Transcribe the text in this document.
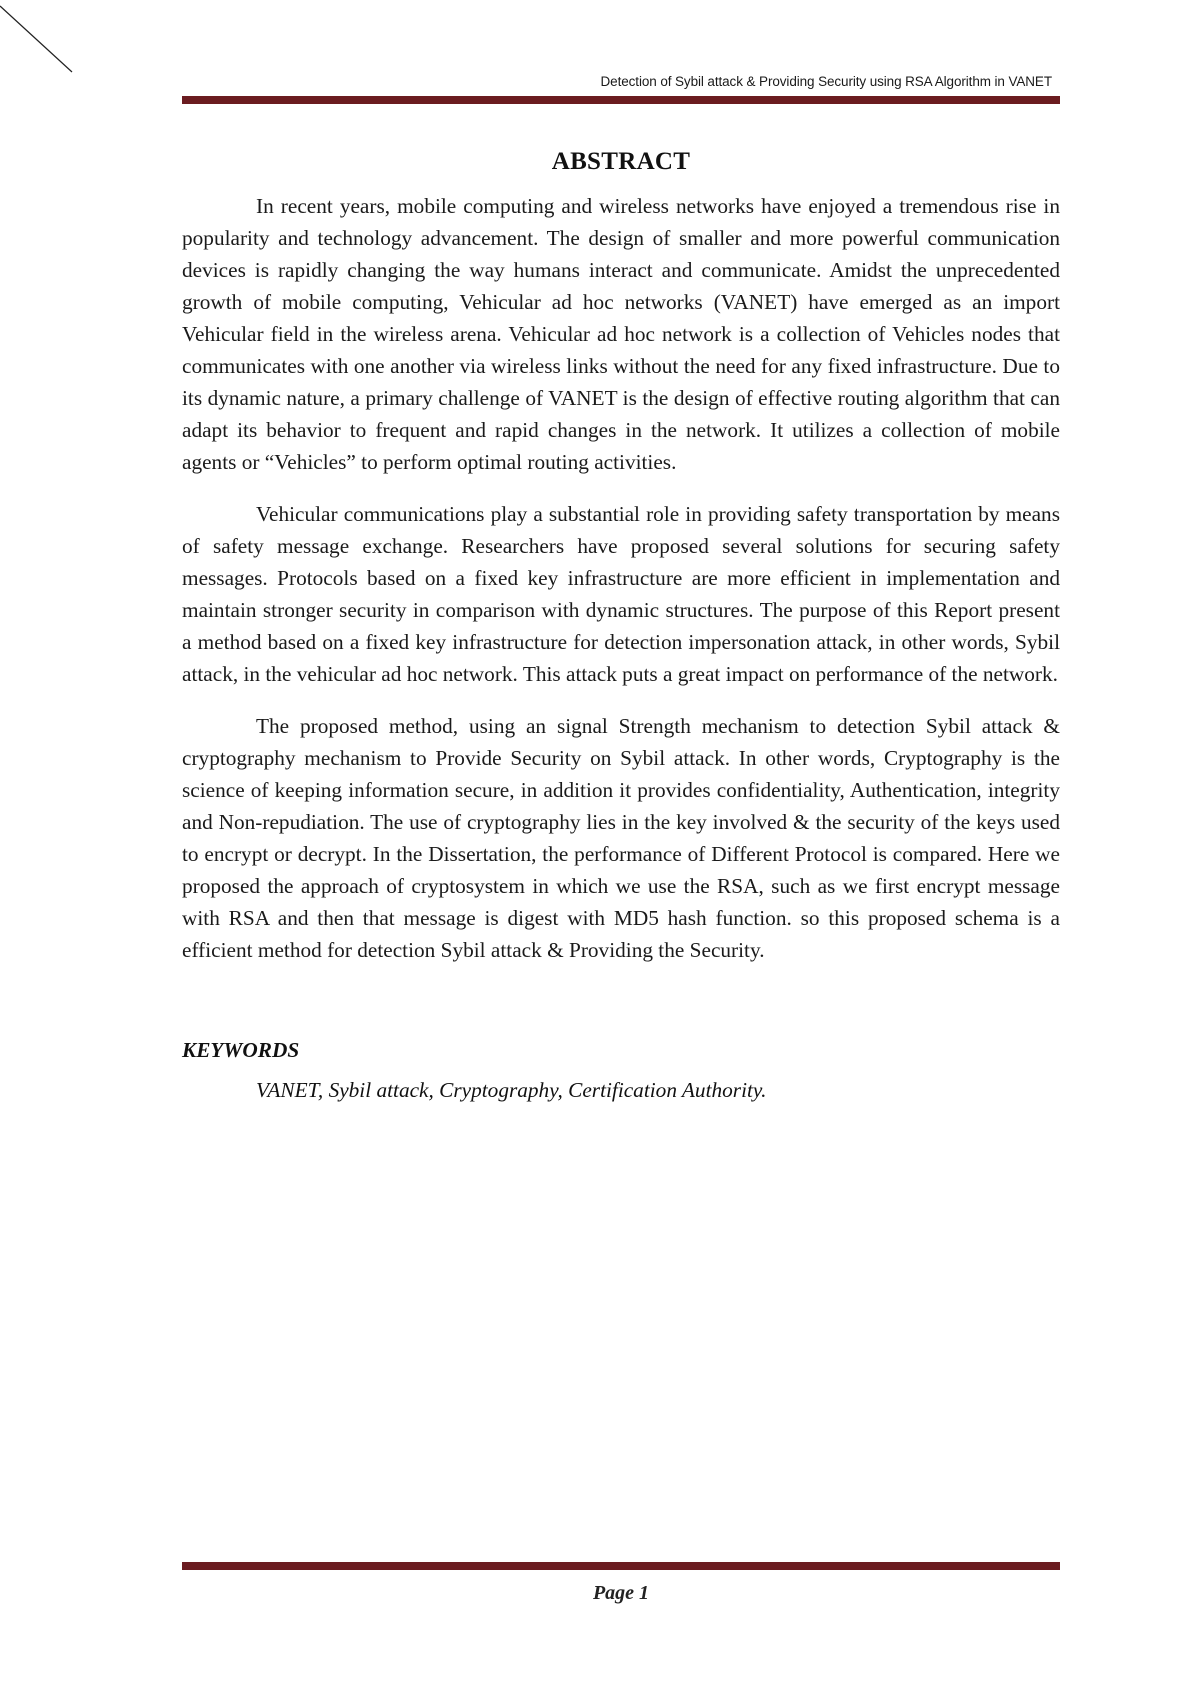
Detection of Sybil attack & Providing Security using RSA Algorithm in VANET
ABSTRACT

In recent years, mobile computing and wireless networks have enjoyed a tremendous rise in popularity and technology advancement. The design of smaller and more powerful communication devices is rapidly changing the way humans interact and communicate. Amidst the unprecedented growth of mobile computing, Vehicular ad hoc networks (VANET) have emerged as an import Vehicular field in the wireless arena. Vehicular ad hoc network is a collection of Vehicles nodes that communicates with one another via wireless links without the need for any fixed infrastructure. Due to its dynamic nature, a primary challenge of VANET is the design of effective routing algorithm that can adapt its behavior to frequent and rapid changes in the network. It utilizes a collection of mobile agents or “Vehicles” to perform optimal routing activities.

Vehicular communications play a substantial role in providing safety transportation by means of safety message exchange. Researchers have proposed several solutions for securing safety messages. Protocols based on a fixed key infrastructure are more efficient in implementation and maintain stronger security in comparison with dynamic structures. The purpose of this Report present a method based on a fixed key infrastructure for detection impersonation attack, in other words, Sybil attack, in the vehicular ad hoc network. This attack puts a great impact on performance of the network.

The proposed method, using an signal Strength mechanism to detection Sybil attack & cryptography mechanism to Provide Security on Sybil attack. In other words, Cryptography is the science of keeping information secure, in addition it provides confidentiality, Authentication, integrity and Non-repudiation. The use of cryptography lies in the key involved & the security of the keys used to encrypt or decrypt. In the Dissertation, the performance of Different Protocol is compared. Here we proposed the approach of cryptosystem in which we use the RSA, such as we first encrypt message with RSA and then that message is digest with MD5 hash function. so this proposed schema is a efficient method for detection Sybil attack & Providing the Security.

KEYWORDS
VANET, Sybil attack, Cryptography, Certification Authority.
Page 1
